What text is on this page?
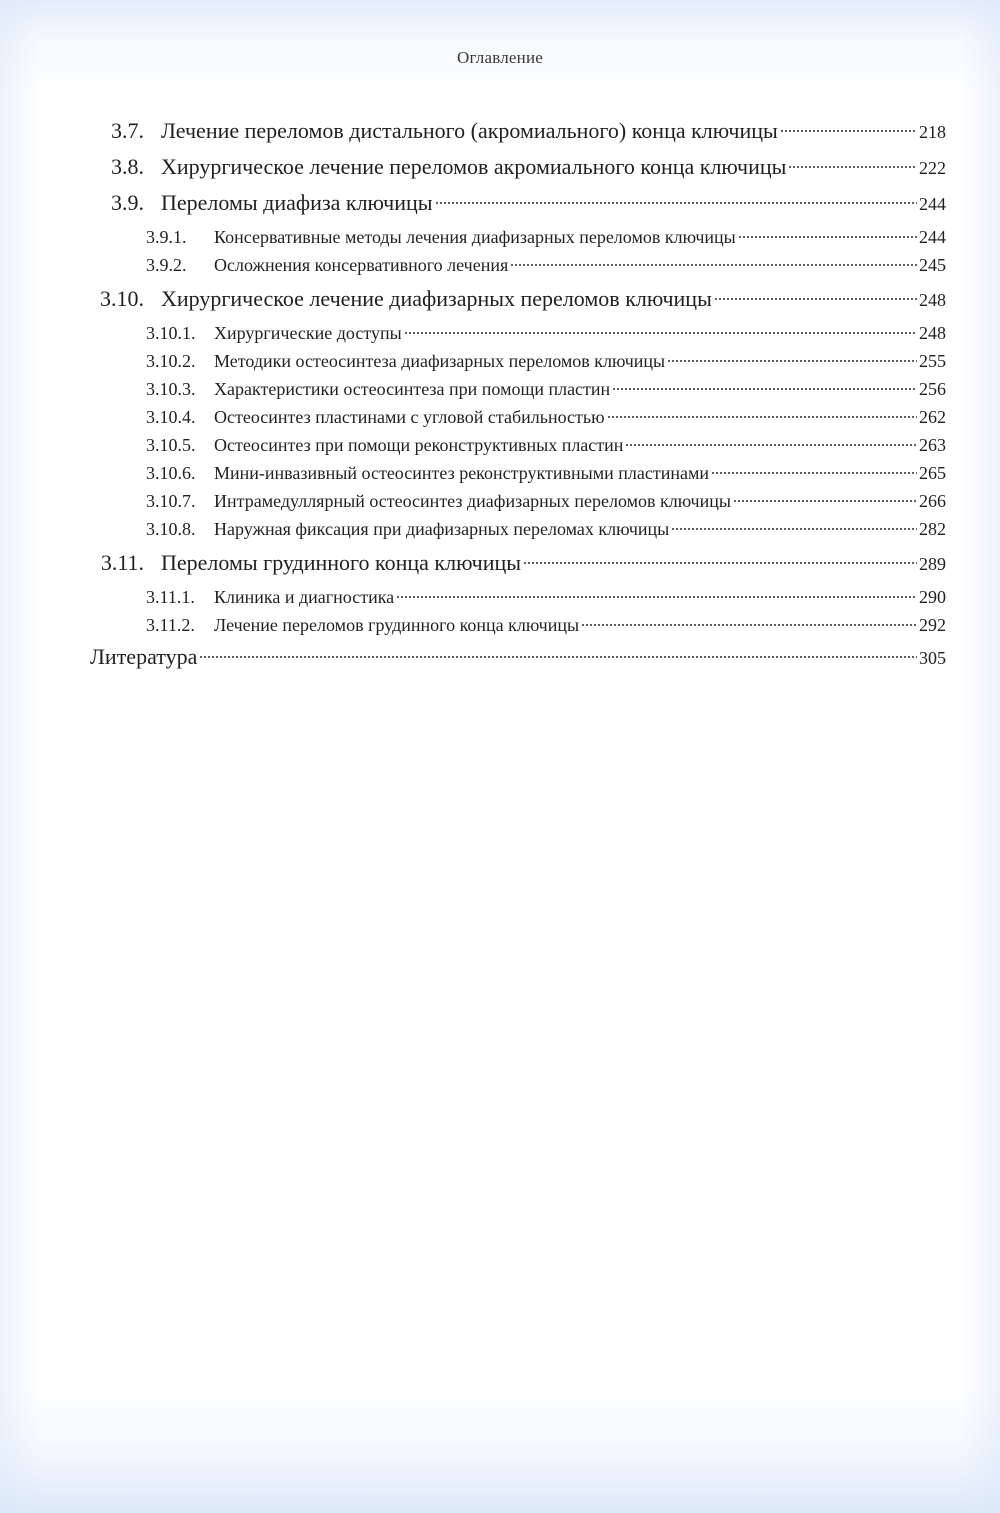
Оглавление
3.7. Лечение переломов дистального (акромиального) конца ключицы	218
3.8. Хирургическое лечение переломов акромиального конца ключицы	222
3.9. Переломы диафиза ключицы	244
3.9.1.	Консервативные методы лечения диафизарных переломов ключицы	244
3.9.2.	Осложнения консервативного лечения	245
3.10. Хирургическое лечение диафизарных переломов ключицы	248
3.10.1.	Хирургические доступы	248
3.10.2.	Методики остеосинтеза диафизарных переломов ключицы	255
3.10.3.	Характеристики остеосинтеза при помощи пластин	256
3.10.4.	Остеосинтез пластинами с угловой стабильностью	262
3.10.5.	Остеосинтез при помощи реконструктивных пластин	263
3.10.6.	Мини-инвазивный остеосинтез реконструктивными пластинами	265
3.10.7.	Интрамедуллярный остеосинтез диафизарных переломов ключицы	266
3.10.8.	Наружная фиксация при диафизарных переломах ключицы	282
3.11. Переломы грудинного конца ключицы	289
3.11.1.	Клиника и диагностика	290
3.11.2.	Лечение переломов грудинного конца ключицы	292
Литература	305
